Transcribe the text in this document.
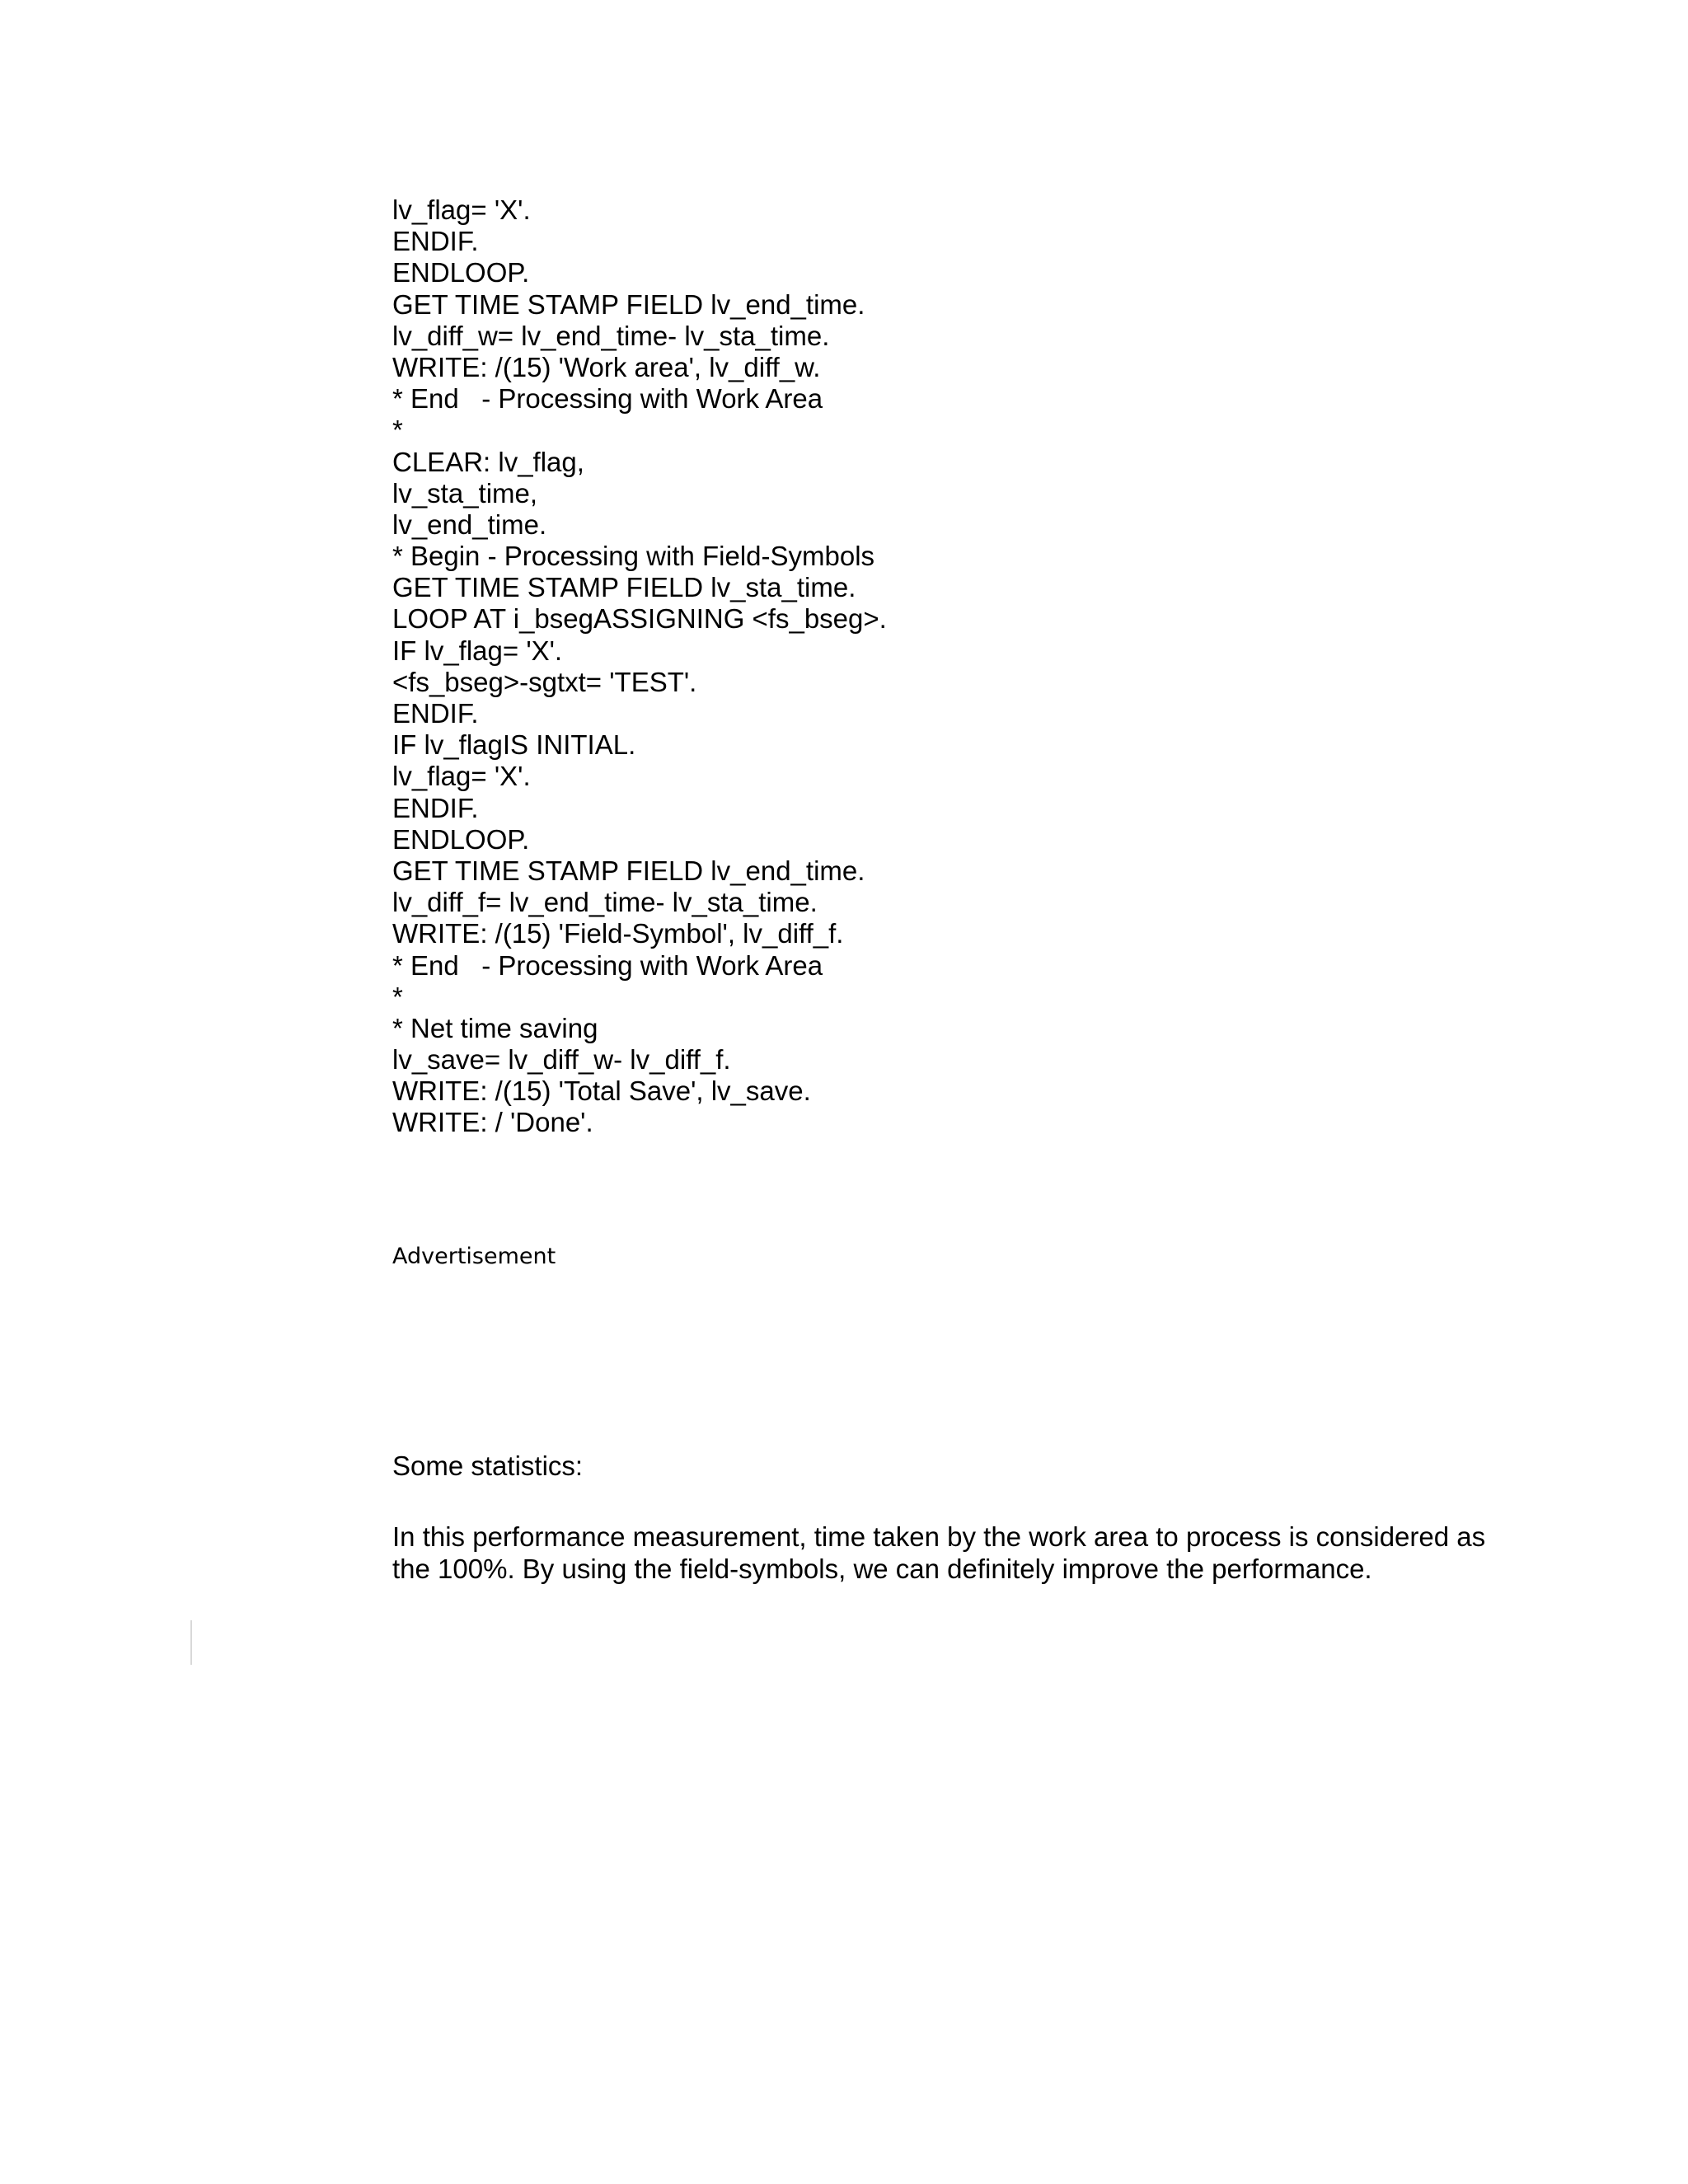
lv_flag= 'X'.
ENDIF.
ENDLOOP.
GET TIME STAMP FIELD lv_end_time.
lv_diff_w= lv_end_time- lv_sta_time.
WRITE: /(15) 'Work area', lv_diff_w.
* End   - Processing with Work Area
*
CLEAR: lv_flag,
lv_sta_time,
lv_end_time.
* Begin - Processing with Field-Symbols
GET TIME STAMP FIELD lv_sta_time.
LOOP AT i_bsegASSIGNING <fs_bseg>.
IF lv_flag= 'X'.
<fs_bseg>-sgtxt= 'TEST'.
ENDIF.
IF lv_flagIS INITIAL.
lv_flag= 'X'.
ENDIF.
ENDLOOP.
GET TIME STAMP FIELD lv_end_time.
lv_diff_f= lv_end_time- lv_sta_time.
WRITE: /(15) 'Field-Symbol', lv_diff_f.
* End   - Processing with Work Area
*
* Net time saving
lv_save= lv_diff_w- lv_diff_f.
WRITE: /(15) 'Total Save', lv_save.
WRITE: / 'Done'.
Advertisement
Some statistics:
In this performance measurement, time taken by the work area to process is considered as the 100%. By using the field-symbols, we can definitely improve the performance.
